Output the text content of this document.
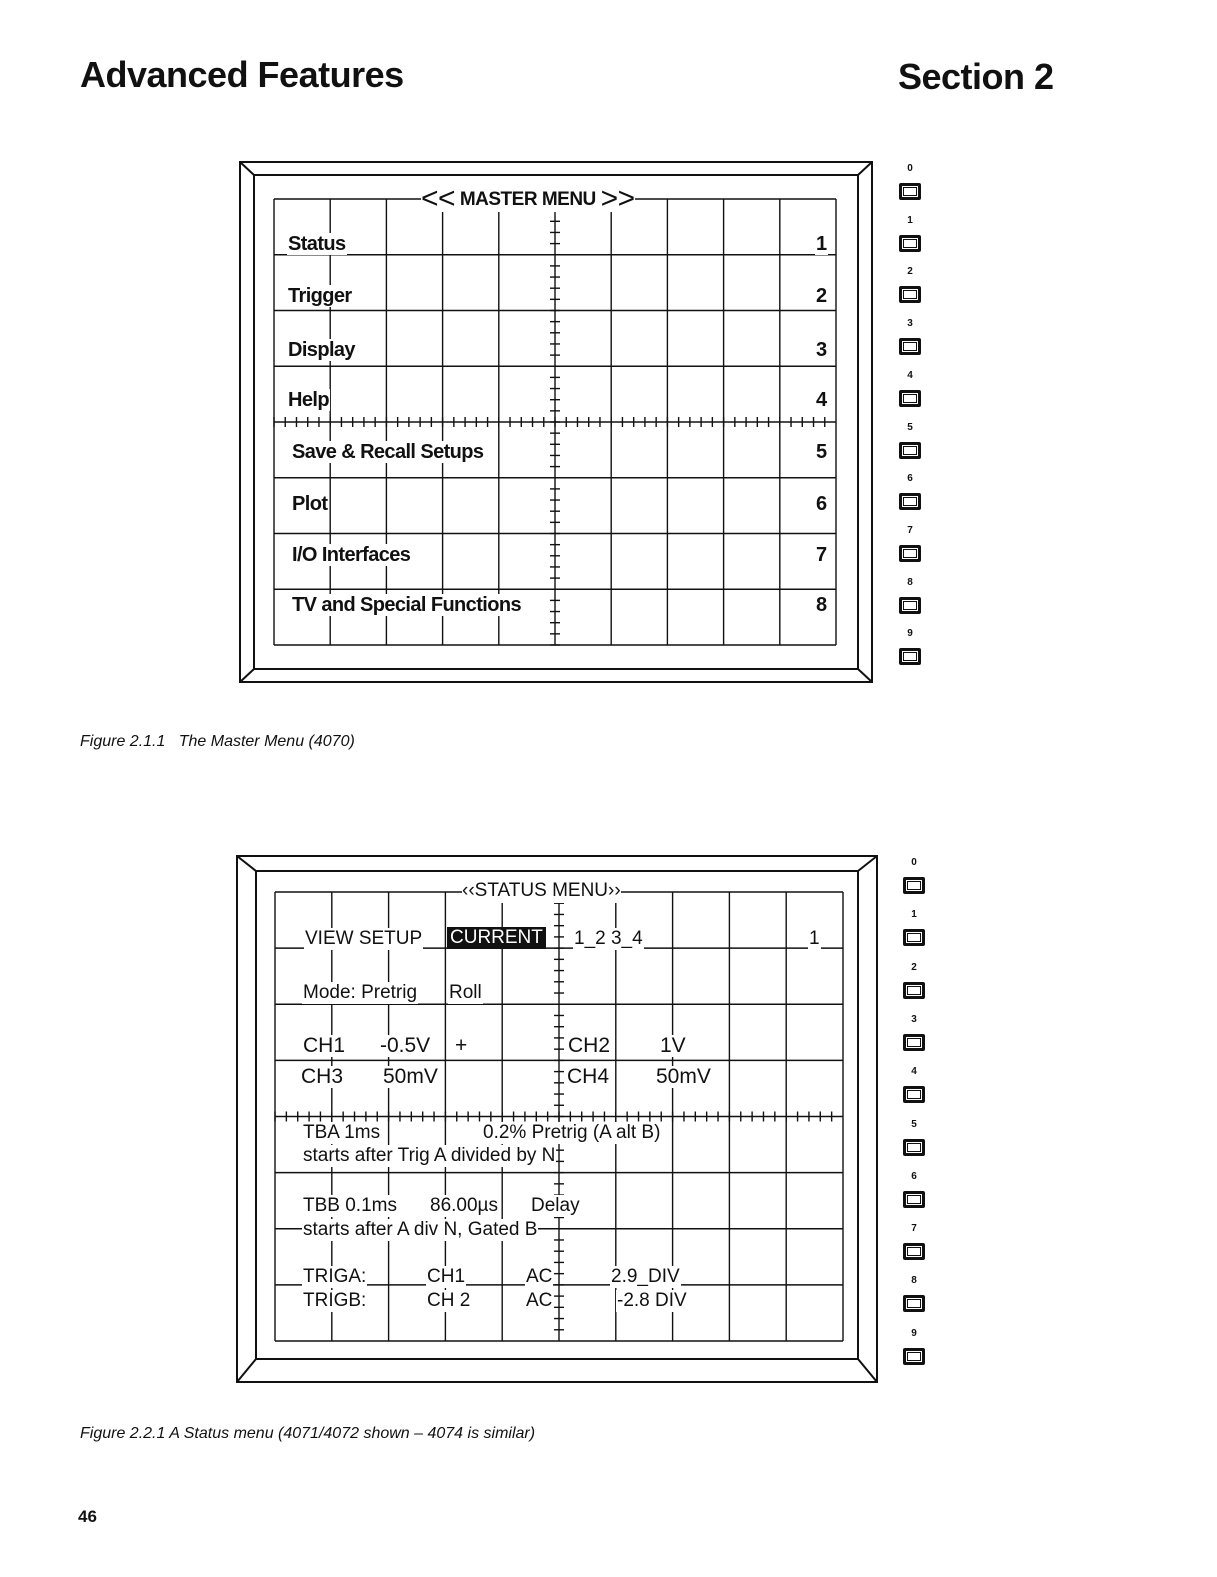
Advanced Features	Section 2
<< MASTER MENU >>
Status	1
Trigger	2
Display	3
Help	4
Save & Recall Setups	5
Plot	6
I/O Interfaces	7
TV and Special Functions	8
0
1
2
3
4
5
6
7
8
9
Figure 2.1.1   The Master Menu (4070)
‹‹STATUS MENU››
VIEW SETUP CURRENT 1_2 3_4	1
Mode: Pretrig Roll
CH1 -0.5V +	CH2 1V
CH3 50mV	CH4 50mV
TBA 1ms	0.2% Pretrig (A alt B)
starts after Trig A divided by N
TBB 0.1ms 86.00µs Delay
starts after A div N, Gated B
TRIGA:	CH1	AC	2.9_DIV
TRIGB:	CH 2	AC	-2.8 DIV
0
1
2
3
4
5
6
7
8
9
Figure 2.2.1 A Status menu (4071/4072 shown – 4074 is similar)
46
